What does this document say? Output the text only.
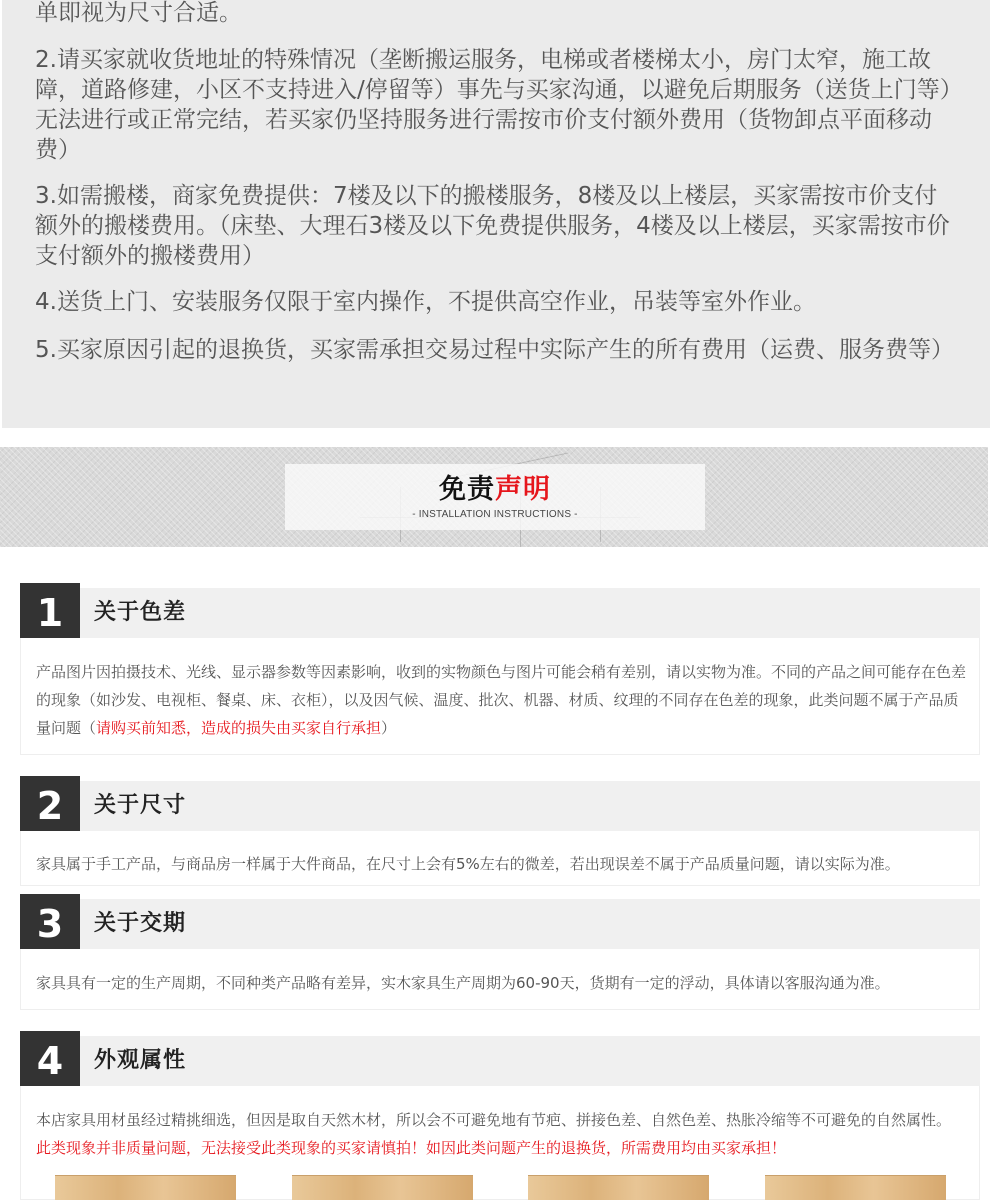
单即视为尺寸合适。

2.请买家就收货地址的特殊情况（垄断搬运服务，电梯或者楼梯太小，房门太窄，施工故障，道路修建，小区不支持进入/停留等）事先与买家沟通，以避免后期服务（送货上门等）无法进行或正常完结，若买家仍坚持服务进行需按市价支付额外费用（货物卸点平面移动费）

3.如需搬楼，商家免费提供：7楼及以下的搬楼服务，8楼及以上楼层，买家需按市价支付额外的搬楼费用。（床垫、大理石3楼及以下免费提供服务，4楼及以上楼层，买家需按市价支付额外的搬楼费用）

4.送货上门、安装服务仅限于室内操作，不提供高空作业，吊装等室外作业。

5.买家原因引起的退换货，买家需承担交易过程中实际产生的所有费用（运费、服务费等）

免责声明
- INSTALLATION INSTRUCTIONS -
1	关于色差

产品图片因拍摄技术、光线、显示器参数等因素影响，收到的实物颜色与图片可能会稍有差别，请以实物为准。不同的产品之间可能存在色差的现象（如沙发、电视柜、餐桌、床、衣柜），以及因气候、温度、批次、机器、材质、纹理的不同存在色差的现象，此类问题不属于产品质量问题（请购买前知悉，造成的损失由买家自行承担）

2	关于尺寸

家具属于手工产品，与商品房一样属于大件商品，在尺寸上会有5%左右的微差，若出现误差不属于产品质量问题，请以实际为准。

3	关于交期

家具具有一定的生产周期，不同种类产品略有差异，实木家具生产周期为60-90天，货期有一定的浮动，具体请以客服沟通为准。

4	外观属性

本店家具用材虽经过精挑细选，但因是取自天然木材，所以会不可避免地有节疤、拼接色差、自然色差、热胀冷缩等不可避免的自然属性。此类现象并非质量问题，无法接受此类现象的买家请慎拍！如因此类问题产生的退换货，所需费用均由买家承担！
